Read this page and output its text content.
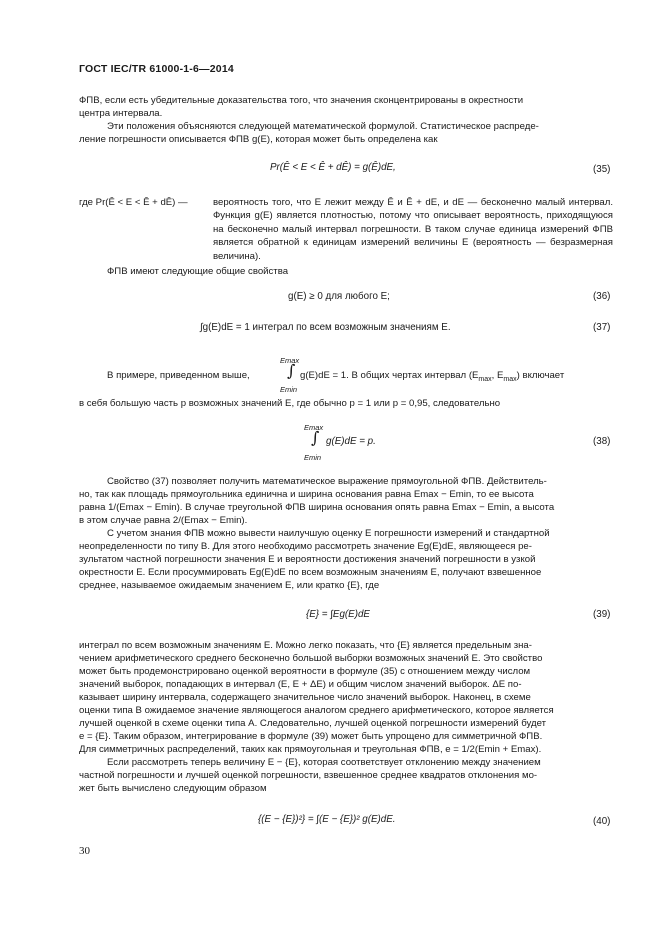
ГОСТ IEC/TR 61000-1-6—2014
ФПВ, если есть убедительные доказательства того, что значения сконцентрированы в окрестности
центра интервала.
Эти положения объясняются следующей математической формулой. Статистическое распреде-
ление погрешности описывается ФПВ g(E), которая может быть определена как
Pr(Ê < E < Ê + dÊ) = g(Ê)dE,	(35)
где Pr(Ê < E < Ê + dÊ) —	вероятность того, что E лежит между Ê и Ê + dE, и dE — бесконечно малый интервал. Функция g(E) является плотностью, потому что описывает вероятность, приходящуюся на бесконечно малый интервал погрешности. В таком случае единица измерений ФПВ является обратной к единицам измерений величины E (вероятность — безразмерная величина).
ФПВ имеют следующие общие свойства
g(E) ≥ 0 для любого E;	(36)
∫g(E)dE = 1 интеграл по всем возможным значениям E.	(37)
В примере, приведенном выше, ∫
Emax
Emin
g(E)dE = 1. В общих чертах интервал ($E_{max}$, $E_{max}$) включает
в себя большую часть p возможных значений E, где обычно p = 1 или p = 0,95, следовательно
Emax
∫
Emin
g(E)dE = p.	(38)
Свойство (37) позволяет получить математическое выражение прямоугольной ФПВ. Действитель-
но, так как площадь прямоугольника единична и ширина основания равна Emax − Emin, то ее высота
равна 1/(Emax − Emin). В случае треугольной ФПВ ширина основания опять равна Emax − Emin, а высота
в этом случае равна 2/(Emax − Emin).
С учетом знания ФПВ можно вывести наилучшую оценку E погрешности измерений и стандартной
неопределенности по типу B. Для этого необходимо рассмотреть значение Eg(E)dE, являющееся ре-
зультатом частной погрешности значения E и вероятности достижения значений погрешности в узкой
окрестности E. Если просуммировать Eg(E)dE по всем возможным значениям E, получают взвешенное
среднее, называемое ожидаемым значением E, или кратко {E}, где
{E} = ∫Eg(E)dE	(39)
интеграл по всем возможным значениям E. Можно легко показать, что {E} является предельным зна-
чением арифметического среднего бесконечно большой выборки возможных значений E. Это свойство
может быть продемонстрировано оценкой вероятности в формуле (35) с отношением между числом
значений выборок, попадающих в интервал (E, E + ΔE) и общим числом значений выборок. ΔE по-
казывает ширину интервала, содержащего значительное число значений выборок. Наконец, в схеме
оценки типа B ожидаемое значение являющегося аналогом среднего арифметического, которое является
лучшей оценкой в схеме оценки типа A. Следовательно, лучшей оценкой погрешности измерений будет
e = {E}. Таким образом, интегрирование в формуле (39) может быть упрощено для симметричной ФПВ.
Для симметричных распределений, таких как прямоугольная и треугольная ФПВ, e = 1/2(Emin + Emax).
Если рассмотреть теперь величину E − {E}, которая соответствует отклонению между значением
частной погрешности и лучшей оценкой погрешности, взвешенное среднее квадратов отклонения мо-
жет быть вычислено следующим образом
{(E − {E})²} = ∫(E − {E})² g(E)dE.	(40)
30
